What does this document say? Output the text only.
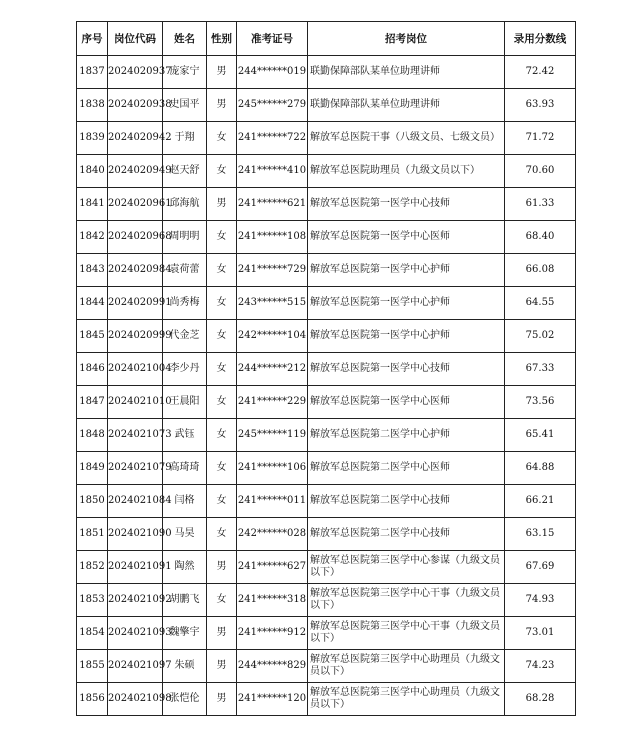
序号	岗位代码	姓名	性别	准考证号	招考岗位	录用分数线
1837	2024020937	庞家宁	男	244******019	联勤保障部队某单位助理讲师	72.42
1838	2024020938	史国平	男	245******279	联勤保障部队某单位助理讲师	63.93
1839	2024020942	于翔	女	241******722	解放军总医院干事（八级文员、七级文员）	71.72
1840	2024020949	赵天舒	女	241******410	解放军总医院助理员（九级文员以下）	70.60
1841	2024020961	邱海航	男	241******621	解放军总医院第一医学中心技师	61.33
1842	2024020968	周明明	女	241******108	解放军总医院第一医学中心医师	68.40
1843	2024020984	袁荷蕾	女	241******729	解放军总医院第一医学中心护师	66.08
1844	2024020991	尚秀梅	女	243******515	解放军总医院第一医学中心护师	64.55
1845	2024020999	代金芝	女	242******104	解放军总医院第一医学中心护师	75.02
1846	2024021004	李少丹	女	244******212	解放军总医院第一医学中心技师	67.33
1847	2024021010	王晨阳	女	241******229	解放军总医院第一医学中心医师	73.56
1848	2024021073	武钰	女	245******119	解放军总医院第二医学中心护师	65.41
1849	2024021079	高琦琦	女	241******106	解放军总医院第二医学中心医师	64.88
1850	2024021084	闫格	女	241******011	解放军总医院第二医学中心技师	66.21
1851	2024021090	马昊	女	242******028	解放军总医院第二医学中心技师	63.15
1852	2024021091	陶然	男	241******627	解放军总医院第三医学中心参谋（九级文员以下）	67.69
1853	2024021092	胡鹏飞	女	241******318	解放军总医院第三医学中心干事（九级文员以下）	74.93
1854	2024021093	魏擎宇	男	241******912	解放军总医院第三医学中心干事（九级文员以下）	73.01
1855	2024021097	朱硕	男	244******829	解放军总医院第三医学中心助理员（九级文员以下）	74.23
1856	2024021098	张恺伦	男	241******120	解放军总医院第三医学中心助理员（九级文员以下）	68.28
